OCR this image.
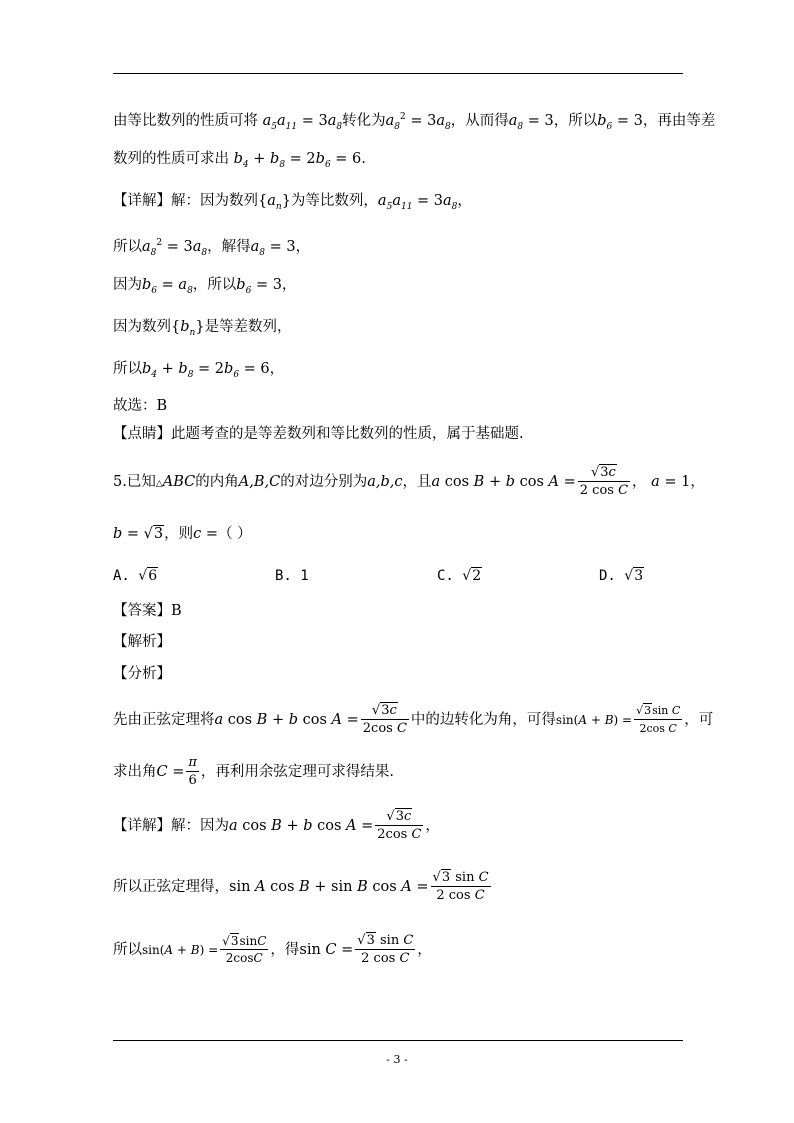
由等比数列的性质可将 $a_5a_{11} = 3a_8$转化为$a_8^2 = 3a_8$，从而得$a_8 = 3$，所以$b_6 = 3$，再由等差
数列的性质可求出 $b_4 + b_8 = 2b_6 = 6$.
【详解】解：因为数列$\{a_n\}$为等比数列，$a_5a_{11} = 3a_8$，
所以$a_8^2 = 3a_8$，解得$a_8 = 3$，
因为$b_6 = a_8$，所以$b_6 = 3$，
因为数列$\{b_n\}$是等差数列，
所以$b_4 + b_8 = 2b_6 = 6$，
故选：B
【点睛】此题考查的是等差数列和等比数列的性质，属于基础题.
5.已知△ABC的内角A,B,C的对边分别为a,b,c，且a cos B + b $\cos A = \frac{√3c}{\text{2 cos C}}$ ， a = 1，
b = √3，则c =（ ）
A. √6	B. 1	C. √2	D. √3
【答案】B
【解析】
【分析】
先由正弦定理将a cos B + b $\cos A = \frac{√3c}{\text{2cos C}}$ 中的边转化为角，可得$\sin(A + B) = \frac{\text{√3sin C}}{\text{2cos C}}$ ，可
求出角$C = \frac{\pi}{6}$ ，再利用余弦定理可求得结果.
【详解】解：因为a cos B + b $\cos A = \frac{√3c}{\text{2cos C}}$ ，
所以正弦定理得，sin A cos B + sin B $\cos A = \frac{\text{√3 sin C}}{\text{2 cos C}}$
所以$\sin(A + B) = \frac{√3\sin C}{2\cos C}$ ，得$\sin C = \frac{\text{√3 sin C}}{\text{2 cos C}}$ ，
- 3 -
